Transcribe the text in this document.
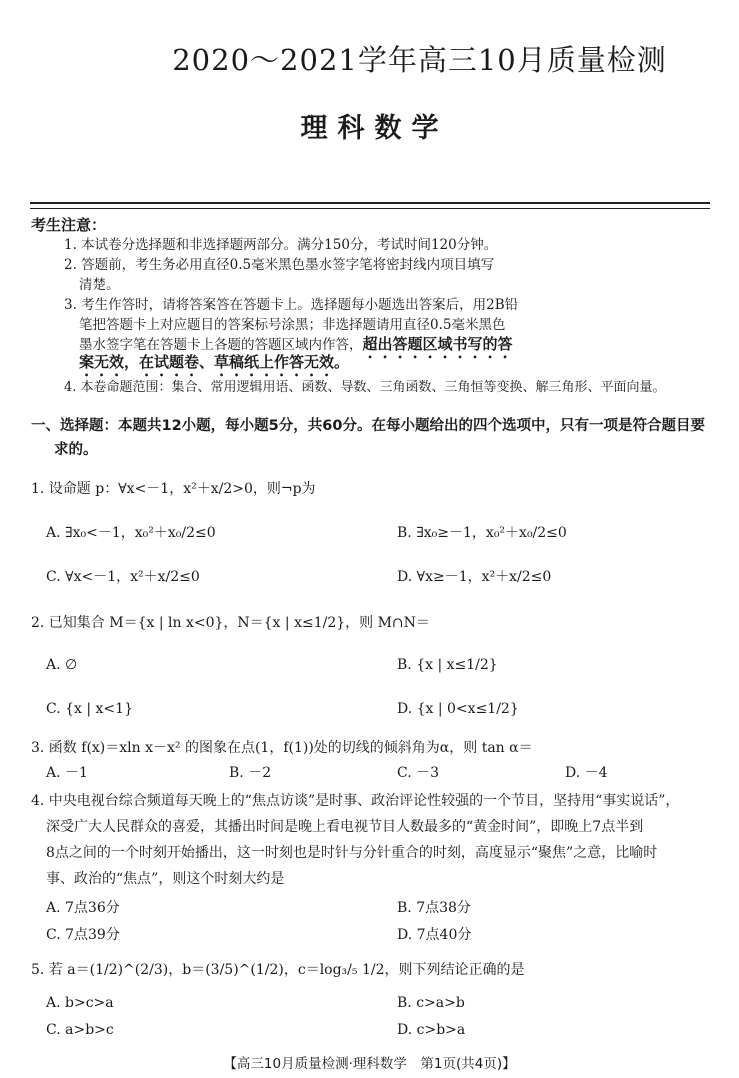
2020～2021学年高三10月质量检测
理科数学
考生注意：
1. 本试卷分选择题和非选择题两部分。满分150分，考试时间120分钟。
2. 答题前，考生务必用直径0.5毫米黑色墨水签字笔将密封线内项目填写
清楚。
3. 考生作答时，请将答案答在答题卡上。选择题每小题选出答案后，用2B铅
笔把答题卡上对应题目的答案标号涂黑；非选择题请用直径0.5毫米黑色
墨水签字笔在答题卡上各题的答题区域内作答，超出答题区域书写的答
案无效，在试题卷、草稿纸上作答无效。
4. 本卷命题范围：集合、常用逻辑用语、函数、导数、三角函数、三角恒等变换、解三角形、平面向量。
一、选择题：本题共12小题，每小题5分，共60分。在每小题给出的四个选项中，只有一项是符合题目要
求的。
1. 设命题 p：∀x<－1，x²＋x/2>0，则¬p为
A. ∃x₀<－1，x₀²＋x₀/2≤0	B. ∃x₀≥－1，x₀²＋x₀/2≤0
C. ∀x<－1，x²＋x/2≤0	D. ∀x≥－1，x²＋x/2≤0
2. 已知集合 M＝{x | ln x<0}，N＝{x | x≤1/2}，则 M∩N＝
A. ∅	B. {x | x≤1/2}
C. {x | x<1}	D. {x | 0<x≤1/2}
3. 函数 f(x)＝xln x－x² 的图象在点(1，f(1))处的切线的倾斜角为α，则 tan α＝
A. －1	B. －2	C. －3	D. －4
4. 中央电视台综合频道每天晚上的“焦点访谈”是时事、政治评论性较强的一个节目，坚持用“事实说话”，
深受广大人民群众的喜爱，其播出时间是晚上看电视节目人数最多的“黄金时间”，即晚上7点半到
8点之间的一个时刻开始播出，这一时刻也是时针与分针重合的时刻，高度显示“聚焦”之意，比喻时
事、政治的“焦点”，则这个时刻大约是
A. 7点36分	B. 7点38分
C. 7点39分	D. 7点40分
5. 若 a＝(1/2)^(2/3)，b＝(3/5)^(1/2)，c＝log₃/₅ 1/2，则下列结论正确的是
A. b>c>a	B. c>a>b
C. a>b>c	D. c>b>a
【高三10月质量检测·理科数学　第1页(共4页)】
